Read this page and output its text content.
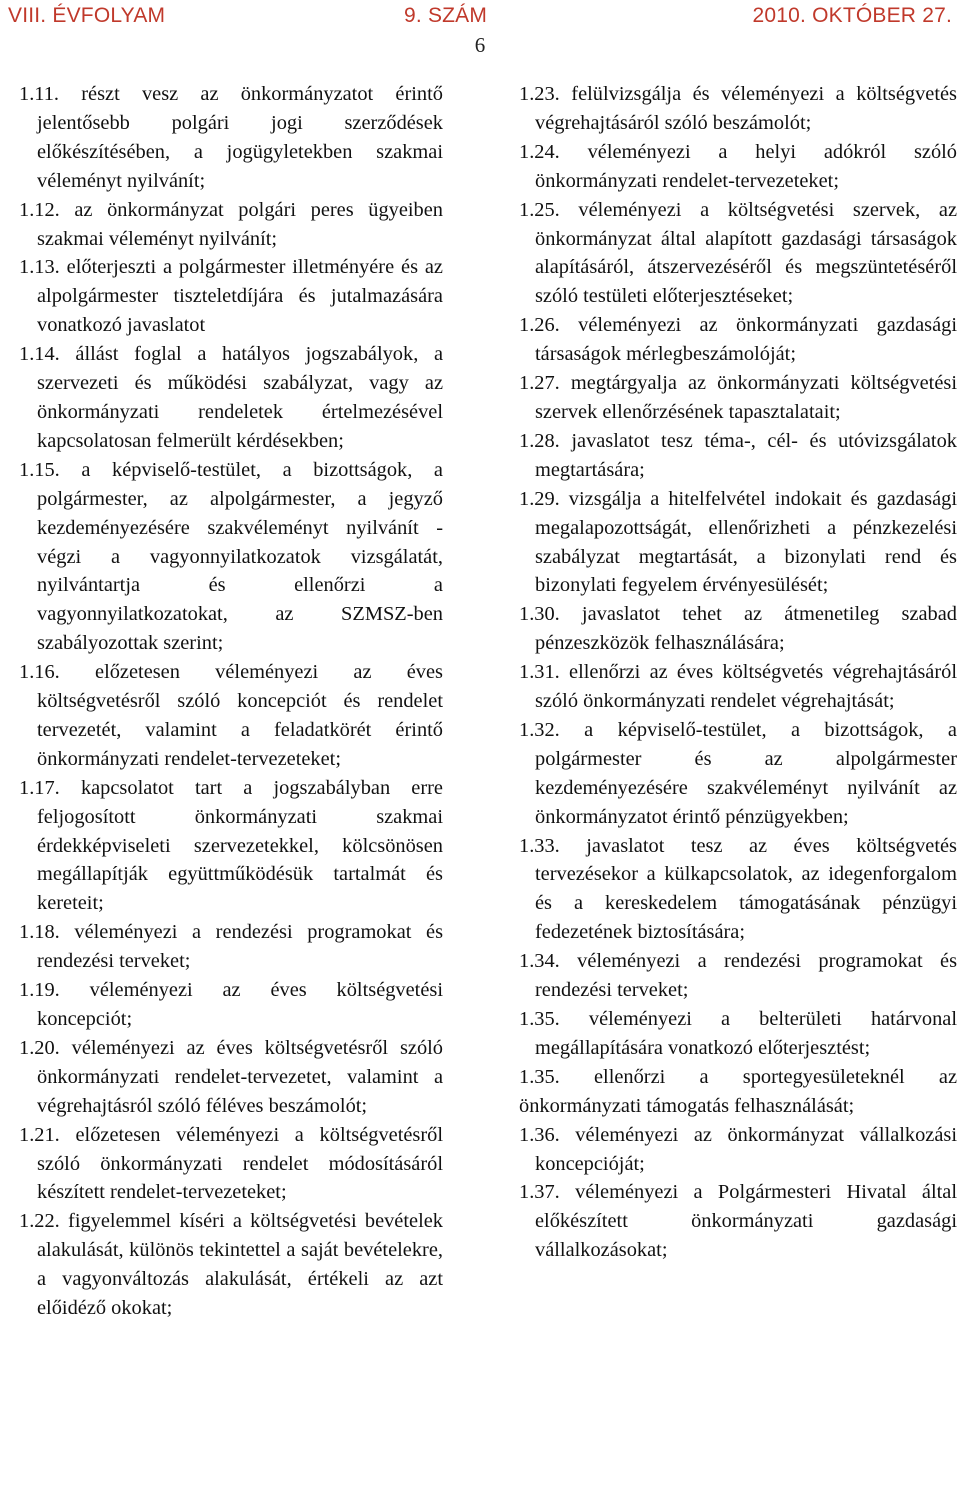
VIII. ÉVFOLYAM	9. SZÁM	2010. OKTÓBER 27.
6
1.11. részt vesz az önkormányzatot érintő jelentősebb polgári jogi szerződések előkészítésében, a jogügyletekben szakmai véleményt nyilvánít;
1.12. az önkormányzat polgári peres ügyeiben szakmai véleményt nyilvánít;
1.13. előterjeszti a polgármester illetményére és az alpolgármester tiszteletdíjára és jutalmazására vonatkozó javaslatot
1.14. állást foglal a hatályos jogszabályok, a szervezeti és működési szabályzat, vagy az önkormányzati rendeletek értelmezésével kapcsolatosan felmerült kérdésekben;
1.15. a képviselő-testület, a bizottságok, a polgármester, az alpolgármester, a jegyző kezdeményezésére szakvéleményt nyilvánít - végzi a vagyonnyilatkozatok vizsgálatát, nyilvántartja és ellenőrzi a vagyonnyilatkozatokat, az SZMSZ-ben szabályozottak szerint;
1.16. előzetesen véleményezi az éves költségvetésről szóló koncepciót és rendelet tervezetét, valamint a feladatkörét érintő önkormányzati rendelet-tervezeteket;
1.17. kapcsolatot tart a jogszabályban erre feljogosított önkormányzati szakmai érdekképviseleti szervezetekkel, kölcsönösen megállapítják együttműködésük tartalmát és kereteit;
1.18. véleményezi a rendezési programokat és rendezési terveket;
1.19. véleményezi az éves költségvetési koncepciót;
1.20. véleményezi az éves költségvetésről szóló önkormányzati rendelet-tervezetet, valamint a végrehajtásról szóló féléves beszámolót;
1.21. előzetesen véleményezi a költségvetésről szóló önkormányzati rendelet módosításáról készített rendelet-tervezeteket;
1.22. figyelemmel kíséri a költségvetési bevételek alakulását, különös tekintettel a saját bevételekre, a vagyonváltozás alakulását, értékeli az azt előidéző okokat;
1.23. felülvizsgálja és véleményezi a költségvetés végrehajtásáról szóló beszámolót;
1.24. véleményezi a helyi adókról szóló önkormányzati rendelet-tervezeteket;
1.25. véleményezi a költségvetési szervek, az önkormányzat által alapított gazdasági társaságok alapításáról, átszervezéséről és megszüntetéséről szóló testületi előterjesztéseket;
1.26. véleményezi az önkormányzati gazdasági társaságok mérlegbeszámolóját;
1.27. megtárgyalja az önkormányzati költségvetési szervek ellenőrzésének tapasztalatait;
1.28. javaslatot tesz téma-, cél- és utóvizsgálatok megtartására;
1.29. vizsgálja a hitelfelvétel indokait és gazdasági megalapozottságát, ellenőrizheti a pénzkezelési szabályzat megtartását, a bizonylati rend és bizonylati fegyelem érvényesülését;
1.30. javaslatot tehet az átmenetileg szabad pénzeszközök felhasználására;
1.31. ellenőrzi az éves költségvetés végrehajtásáról szóló önkormányzati rendelet végrehajtását;
1.32. a képviselő-testület, a bizottságok, a polgármester és az alpolgármester kezdeményezésére szakvéleményt nyilvánít az önkormányzatot érintő pénzügyekben;
1.33. javaslatot tesz az éves költségvetés tervezésekor a külkapcsolatok, az idegenforgalom és a kereskedelem támogatásának pénzügyi fedezetének biztosítására;
1.34. véleményezi a rendezési programokat és rendezési terveket;
1.35. véleményezi a belterületi határvonal megállapítására vonatkozó előterjesztést;
1.35. ellenőrzi a sportegyesületeknél az önkormányzati támogatás felhasználását;
1.36. véleményezi az önkormányzat vállalkozási koncepcióját;
1.37. véleményezi a Polgármesteri Hivatal által előkészített önkormányzati gazdasági vállalkozásokat;
